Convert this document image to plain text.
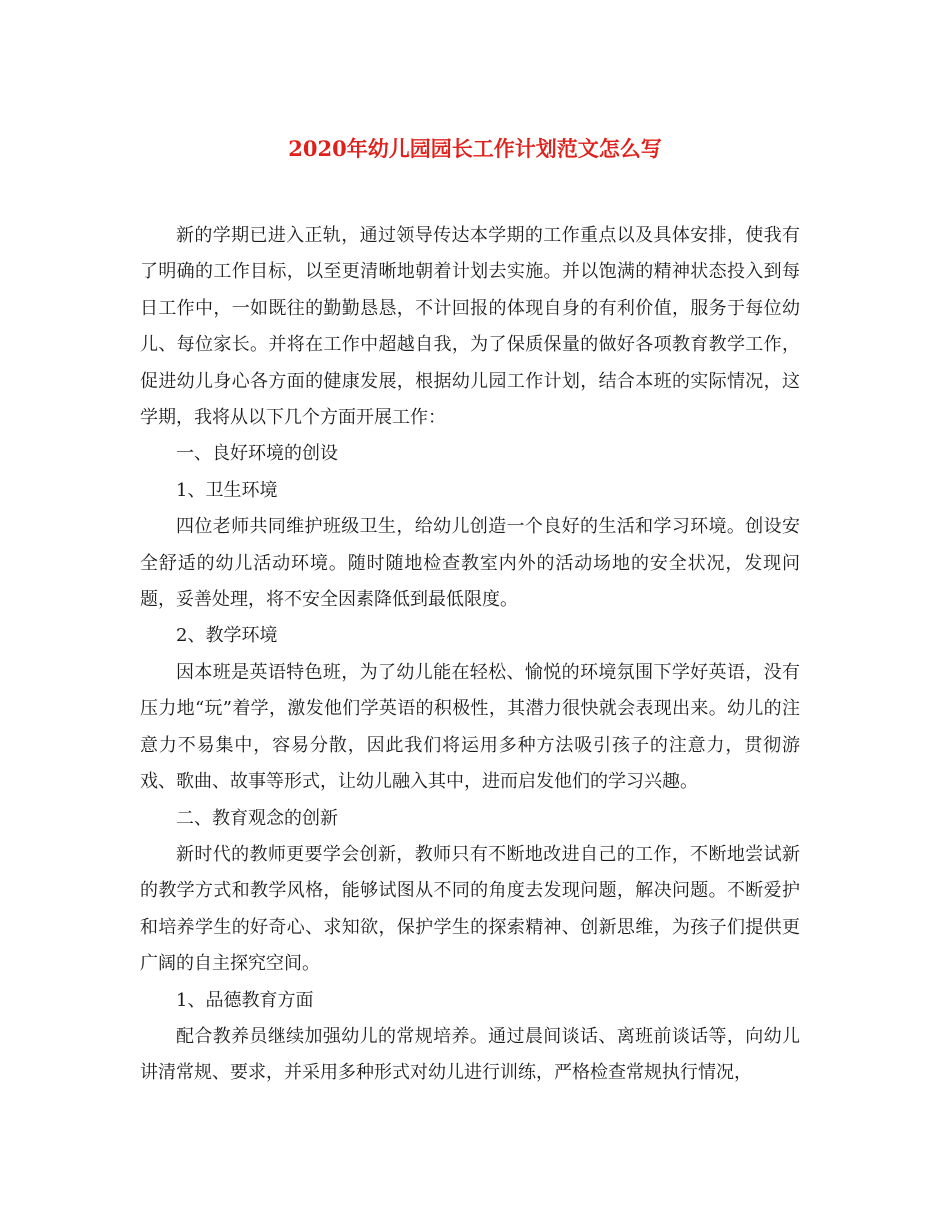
2020年幼儿园园长工作计划范文怎么写

新的学期已进入正轨，通过领导传达本学期的工作重点以及具体安排，使我有了明确的工作目标，以至更清晰地朝着计划去实施。并以饱满的精神状态投入到每日工作中，一如既往的勤勤恳恳，不计回报的体现自身的有利价值，服务于每位幼儿、每位家长。并将在工作中超越自我，为了保质保量的做好各项教育教学工作，促进幼儿身心各方面的健康发展，根据幼儿园工作计划，结合本班的实际情况，这学期，我将从以下几个方面开展工作：

一、良好环境的创设

1、卫生环境

四位老师共同维护班级卫生，给幼儿创造一个良好的生活和学习环境。创设安全舒适的幼儿活动环境。随时随地检查教室内外的活动场地的安全状况，发现问题，妥善处理，将不安全因素降低到最低限度。

2、教学环境

因本班是英语特色班，为了幼儿能在轻松、愉悦的环境氛围下学好英语，没有压力地“玩”着学，激发他们学英语的积极性，其潜力很快就会表现出来。幼儿的注意力不易集中，容易分散，因此我们将运用多种方法吸引孩子的注意力，贯彻游戏、歌曲、故事等形式，让幼儿融入其中，进而启发他们的学习兴趣。

二、教育观念的创新

新时代的教师更要学会创新，教师只有不断地改进自己的工作，不断地尝试新的教学方式和教学风格，能够试图从不同的角度去发现问题，解决问题。不断爱护和培养学生的好奇心、求知欲，保护学生的探索精神、创新思维，为孩子们提供更广阔的自主探究空间。

1、品德教育方面

配合教养员继续加强幼儿的常规培养。通过晨间谈话、离班前谈话等，向幼儿讲清常规、要求，并采用多种形式对幼儿进行训练，严格检查常规执行情况，
